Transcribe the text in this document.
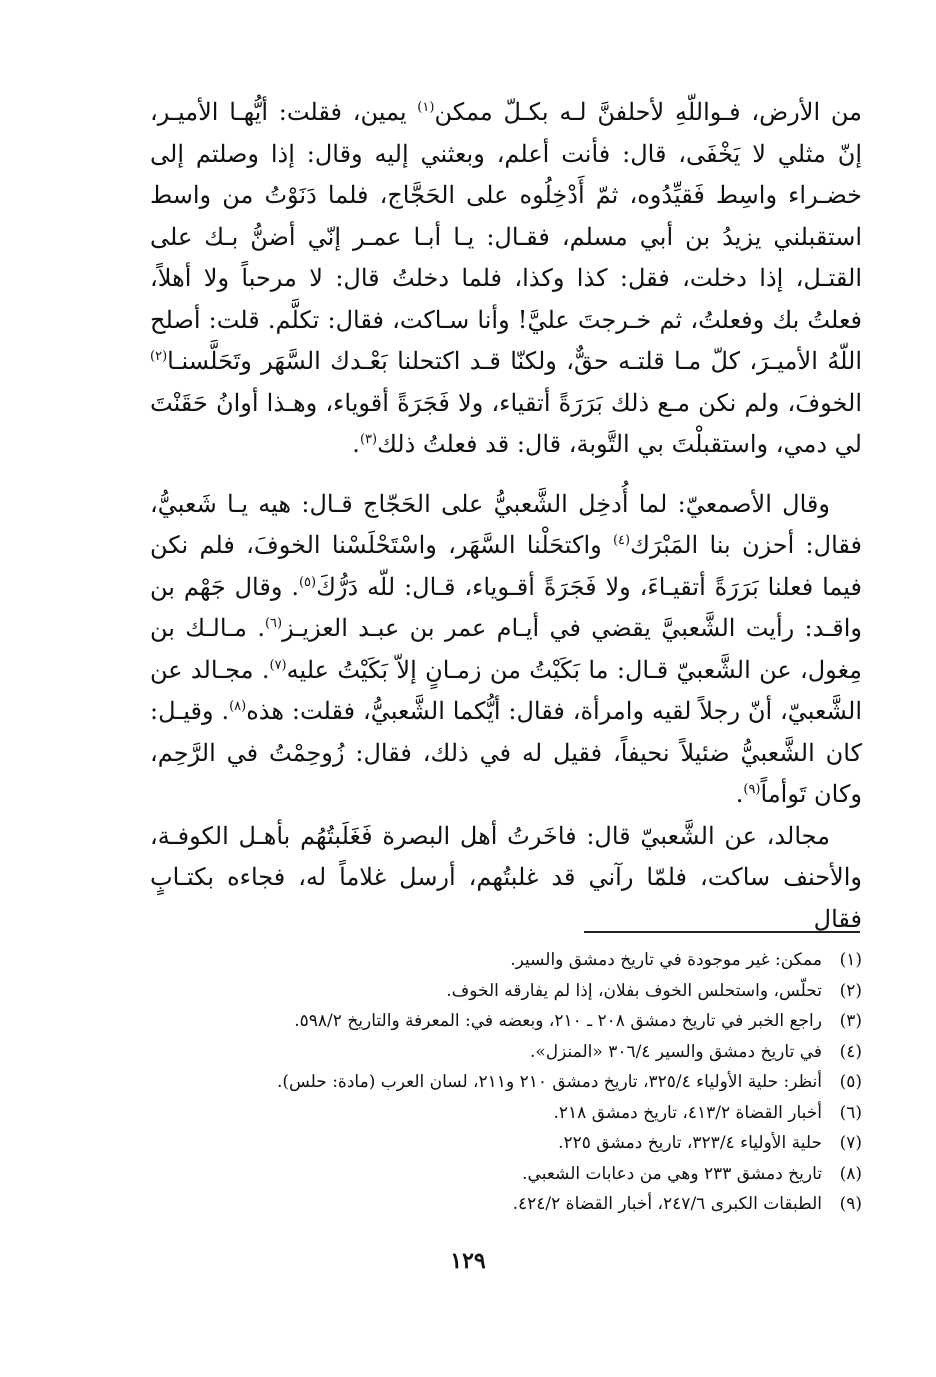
من الأرض، فـواللّهِ لأحلفنَّ لـه بكـلّ ممكن$^{(١)}$ يمين، فقلت: أيُّهـا الأميـر، إنّ مثلي لا يَخْفَى، قال: فأنت أعلم، وبعثني إليه وقال: إذا وصلتم إلى خضـراء واسِط فَقيِّدُوه، ثمّ أَدْخِلُوه على الحَجَّاج، فلما دَنَوْتُ من واسط استقبلني يزيدُ بن أبي مسلم، فقـال: يـا أبـا عمـر إنّي أضنُّ بـك على القتـل، إذا دخلت، فقل: كذا وكذا، فلما دخلتُ قال: لا مرحباً ولا أهلاً، فعلتُ بك وفعلتُ، ثم خـرجتَ عليَّ! وأنا سـاكت، فقال: تكلَّم. قلت: أصلح اللّهُ الأميـرَ، كلّ مـا قلتـه حقٌّ، ولكنّا قـد اكتحلنا بَعْـدك السَّهَر وتَحَلَّسنـا$^{(٢)}$ الخوفَ، ولم نكن مـع ذلك بَرَرَةً أتقياء، ولا فَجَرَةً أقوياء، وهـذا أوانُ حَقَنْتَ لي دمي، واستقبلْتَ بي التَّوبة، قال: قد فعلتُ ذلك$^{(٣)}$.

وقال الأصمعيّ: لما أُدخِل الشَّعبيُّ على الحَجّاج قـال: هيه يـا شَعبيُّ، فقال: أحزن بنا المَبْرَك$^{(٤)}$ واكتحَلْنا السَّهَر، واسْتَحْلَسْنا الخوفَ، فلم نكن فيما فعلنا بَرَرَةً أتقيـاءَ، ولا فَجَرَةً أقـوياء، قـال: للّه دَرُّكَ$^{(٥)}$. وقال جَهْم بن واقـد: رأيت الشَّعبيَّ يقضي في أيـام عمر بن عبـد العزيـز$^{(٦)}$. مـالـك بن مِغول، عن الشَّعبيّ قـال: ما بَكَيْتُ من زمـانٍ إلاّ بَكَيْتُ عليه$^{(٧)}$. مجـالد عن الشَّعبيّ، أنّ رجلاً لقيه وامرأة، فقال: أيُّكما الشَّعبيُّ، فقلت: هذه$^{(٨)}$. وقيـل: كان الشَّعبيُّ ضئيلاً نحيفاً، فقيل له في ذلك، فقال: زُوحِمْتُ في الرَّحِم، وكان تَوأماً$^{(٩)}$.

مجالد، عن الشَّعبيّ قال: فاخَرتُ أهل البصرة فَغَلَبتُهُم بأهـل الكوفـة، والأحنف ساكت، فلمّا رآني قد غلبتُهم، أرسل غلاماً له، فجاءه بكتـابٍ فقال

(١)
ممكن: غير موجودة في تاريخ دمشق والسير.
(٢)
تحلّس، واستحلس الخوف بفلان، إذا لم يفارقه الخوف.
(٣)
راجع الخبر في تاريخ دمشق ٢٠٨ ـ ٢١٠، وبعضه في: المعرفة والتاريخ ٥٩٨/٢.
(٤)
في تاريخ دمشق والسير ٣٠٦/٤ «المنزل».
(٥)
أنظر: حلية الأولياء ٣٢٥/٤، تاريخ دمشق ٢١٠ و٢١١، لسان العرب (مادة: حلس).
(٦)
أخبار القضاة ٤١٣/٢، تاريخ دمشق ٢١٨.
(٧)
حلية الأولياء ٣٢٣/٤، تاريخ دمشق ٢٢٥.
(٨)
تاريخ دمشق ٢٣٣ وهي من دعابات الشعبي.
(٩)
الطبقات الكبرى ٢٤٧/٦، أخبار القضاة ٤٢٤/٢.
١٢٩
